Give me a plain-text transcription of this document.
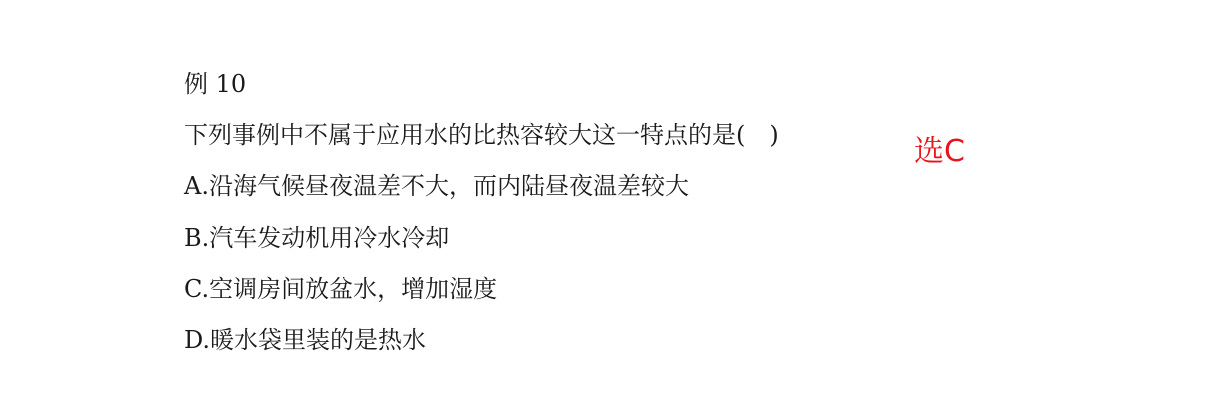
例 10
下列事例中不属于应用水的比热容较大这一特点的是(　)
A.沿海气候昼夜温差不大，而内陆昼夜温差较大
B.汽车发动机用冷水冷却
C.空调房间放盆水，增加湿度
D.暖水袋里装的是热水
选C
